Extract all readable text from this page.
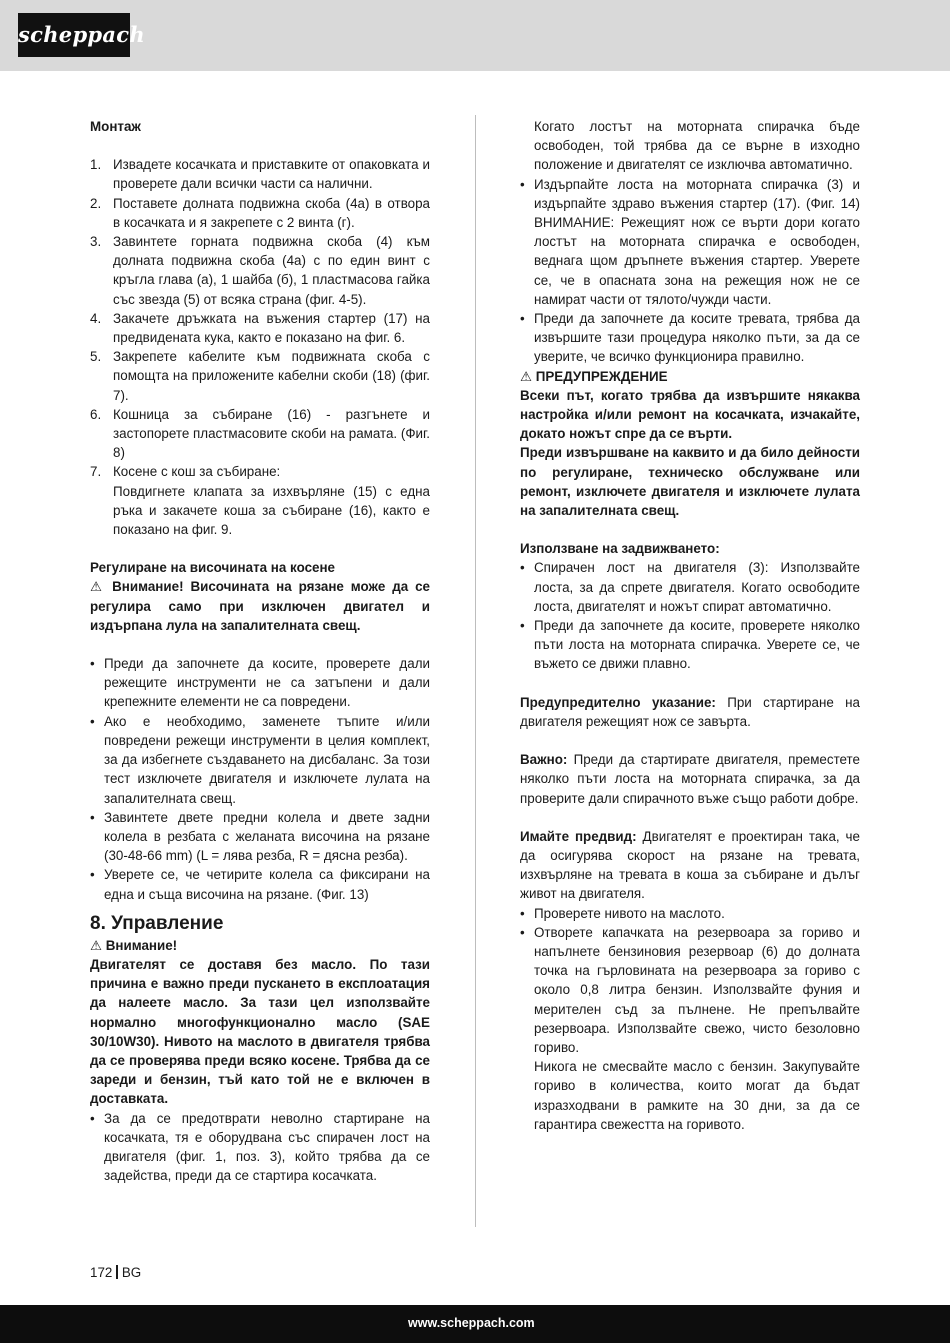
scheppach

Монтаж

1. Извадете косачката и приставките от опаковката и проверете дали всички части са налични.
2. Поставете долната подвижна скоба (4а) в отвора в косачката и я закрепете с 2 винта (г).
3. Завинтете горната подвижна скоба (4) към долната подвижна скоба (4а) с по един винт с кръгла глава (а), 1 шайба (б), 1 пластмасова гайка със звезда (5) от всяка страна (фиг. 4-5).
4. Закачете дръжката на въжения стартер (17) на предвидената кука, както е показано на фиг. 6.
5. Закрепете кабелите към подвижната скоба с помощта на приложените кабелни скоби (18) (фиг. 7).
6. Кошница за събиране (16) - разгънете и застопорете пластмасовите скоби на рамата. (Фиг. 8)
7. Косене с кош за събиране:
Повдигнете клапата за изхвърляне (15) с една ръка и закачете коша за събиране (16), както е показано на фиг. 9.

Регулиране на височината на косене

⚠ Внимание! Височината на рязане може да се регулира само при изключен двигател и издърпана лула на запалителната свещ.

• Преди да започнете да косите, проверете дали режещите инструменти не са затъпени и дали крепежните елементи не са повредени.
• Ако е необходимо, заменете тъпите и/или повредени режещи инструменти в целия комплект, за да избегнете създаването на дисбаланс. За този тест изключете двигателя и изключете лулата на запалителната свещ.
• Завинтете двете предни колела и двете задни колела в резбата с желаната височина на рязане (30-48-66 mm) (L = лява резба, R = дясна резба).
• Уверете се, че четирите колела са фиксирани на една и съща височина на рязане. (Фиг. 13)
8. Управление

⚠ Внимание!

Двигателят се доставя без масло. По тази причина е важно преди пускането в експлоатация да налеете масло. За тази цел използвайте нормално многофункционално масло (SAE 30/10W30). Нивото на маслото в двигателя трябва да се проверява преди всяко косене. Трябва да се зареди и бензин, тъй като той не е включен в доставката.

• За да се предотврати неволно стартиране на косачката, тя е оборудвана със спирачен лост на двигателя (фиг. 1, поз. 3), който трябва да се задейства, преди да се стартира косачката.

Когато лостът на моторната спирачка бъде освободен, той трябва да се върне в изходно положение и двигателят се изключва автоматично.

• Издърпайте лоста на моторната спирачка (3) и издърпайте здраво въжения стартер (17). (Фиг. 14) ВНИМАНИЕ: Режещият нож се върти дори когато лостът на моторната спирачка е освободен, веднага щом дръпнете въжения стартер. Уверете се, че в опасната зона на режещия нож не се намират части от тялото/чужди части.
• Преди да започнете да косите тревата, трябва да извършите тази процедура няколко пъти, за да се уверите, че всичко функционира правилно.

⚠ ПРЕДУПРЕЖДЕНИЕ

Всеки път, когато трябва да извършите някаква настройка и/или ремонт на косачката, изчакайте, докато ножът спре да се върти.

Преди извършване на каквито и да било дейности по регулиране, техническо обслужване или ремонт, изключете двигателя и изключете лулата на запалителната свещ.

Използване на задвижването:

• Спирачен лост на двигателя (3): Използвайте лоста, за да спрете двигателя. Когато освободите лоста, двигателят и ножът спират автоматично.
• Преди да започнете да косите, проверете няколко пъти лоста на моторната спирачка. Уверете се, че въжето се движи плавно.

Предупредително указание: При стартиране на двигателя режещият нож се завърта.

Важно: Преди да стартирате двигателя, преместете няколко пъти лоста на моторната спирачка, за да проверите дали спирачното въже също работи добре.

Имайте предвид: Двигателят е проектиран така, че да осигурява скорост на рязане на тревата, изхвърляне на тревата в коша за събиране и дълъг живот на двигателя.

• Проверете нивото на маслото.
• Отворете капачката на резервоара за гориво и напълнете бензиновия резервоар (6) до долната точка на гърловината на резервоара за гориво с около 0,8 литра бензин. Използвайте фуния и мерителен съд за пълнене. Не препълвайте резервоара. Използвайте свежо, чисто безоловно гориво.

Никога не смесвайте масло с бензин. Закупувайте гориво в количества, които могат да бъдат изразходвани в рамките на 30 дни, за да се гарантира свежестта на горивото.

172 BG
www.scheppach.com
